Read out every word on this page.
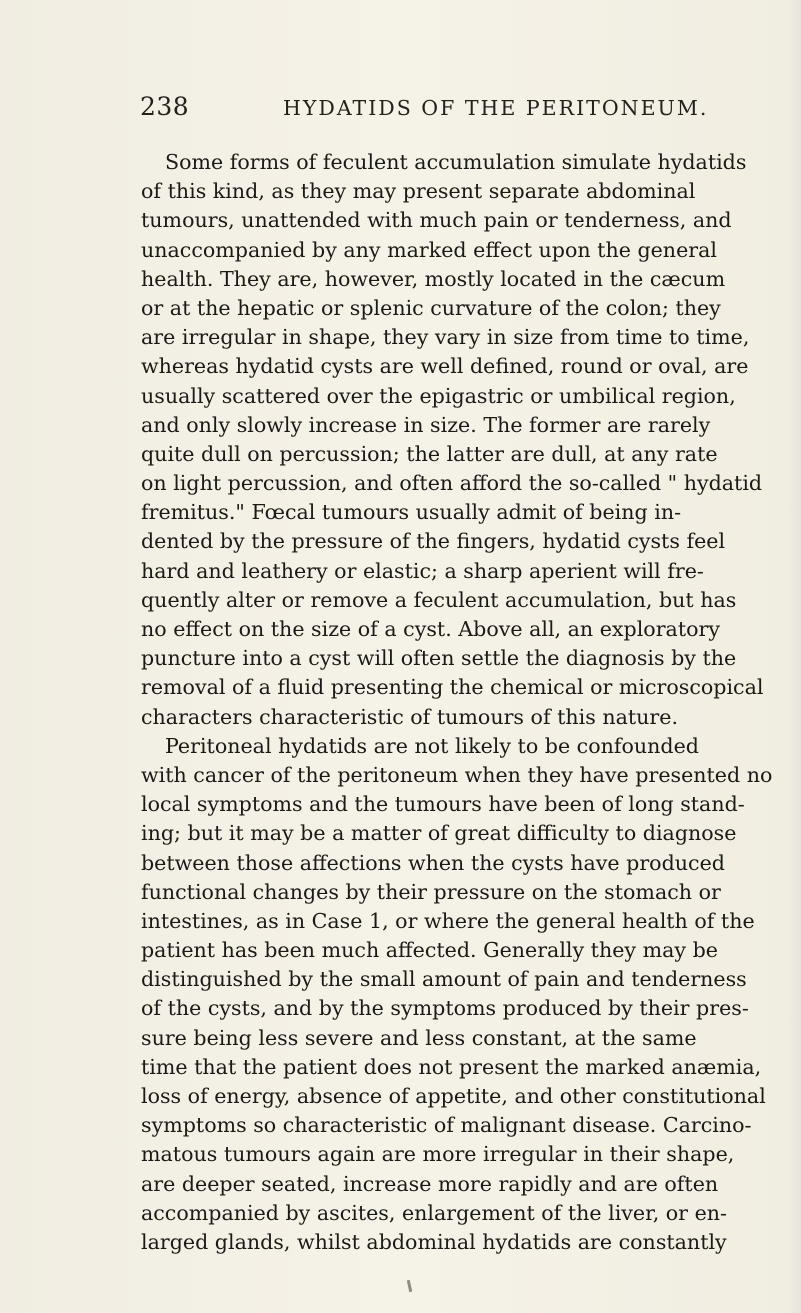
238	HYDATIDS OF THE PERITONEUM.
Some forms of feculent accumulation simulate hydatids
of this kind, as they may present separate abdominal
tumours, unattended with much pain or tenderness, and
unaccompanied by any marked effect upon the general
health. They are, however, mostly located in the cæcum
or at the hepatic or splenic curvature of the colon; they
are irregular in shape, they vary in size from time to time,
whereas hydatid cysts are well defined, round or oval, are
usually scattered over the epigastric or umbilical region,
and only slowly increase in size. The former are rarely
quite dull on percussion; the latter are dull, at any rate
on light percussion, and often afford the so-called " hydatid
fremitus." Fœcal tumours usually admit of being in-
dented by the pressure of the fingers, hydatid cysts feel
hard and leathery or elastic; a sharp aperient will fre-
quently alter or remove a feculent accumulation, but has
no effect on the size of a cyst. Above all, an exploratory
puncture into a cyst will often settle the diagnosis by the
removal of a fluid presenting the chemical or microscopical
characters characteristic of tumours of this nature.
Peritoneal hydatids are not likely to be confounded
with cancer of the peritoneum when they have presented no
local symptoms and the tumours have been of long stand-
ing; but it may be a matter of great difficulty to diagnose
between those affections when the cysts have produced
functional changes by their pressure on the stomach or
intestines, as in Case 1, or where the general health of the
patient has been much affected. Generally they may be
distinguished by the small amount of pain and tenderness
of the cysts, and by the symptoms produced by their pres-
sure being less severe and less constant, at the same
time that the patient does not present the marked anæmia,
loss of energy, absence of appetite, and other constitutional
symptoms so characteristic of malignant disease. Carcino-
matous tumours again are more irregular in their shape,
are deeper seated, increase more rapidly and are often
accompanied by ascites, enlargement of the liver, or en-
larged glands, whilst abdominal hydatids are constantly
